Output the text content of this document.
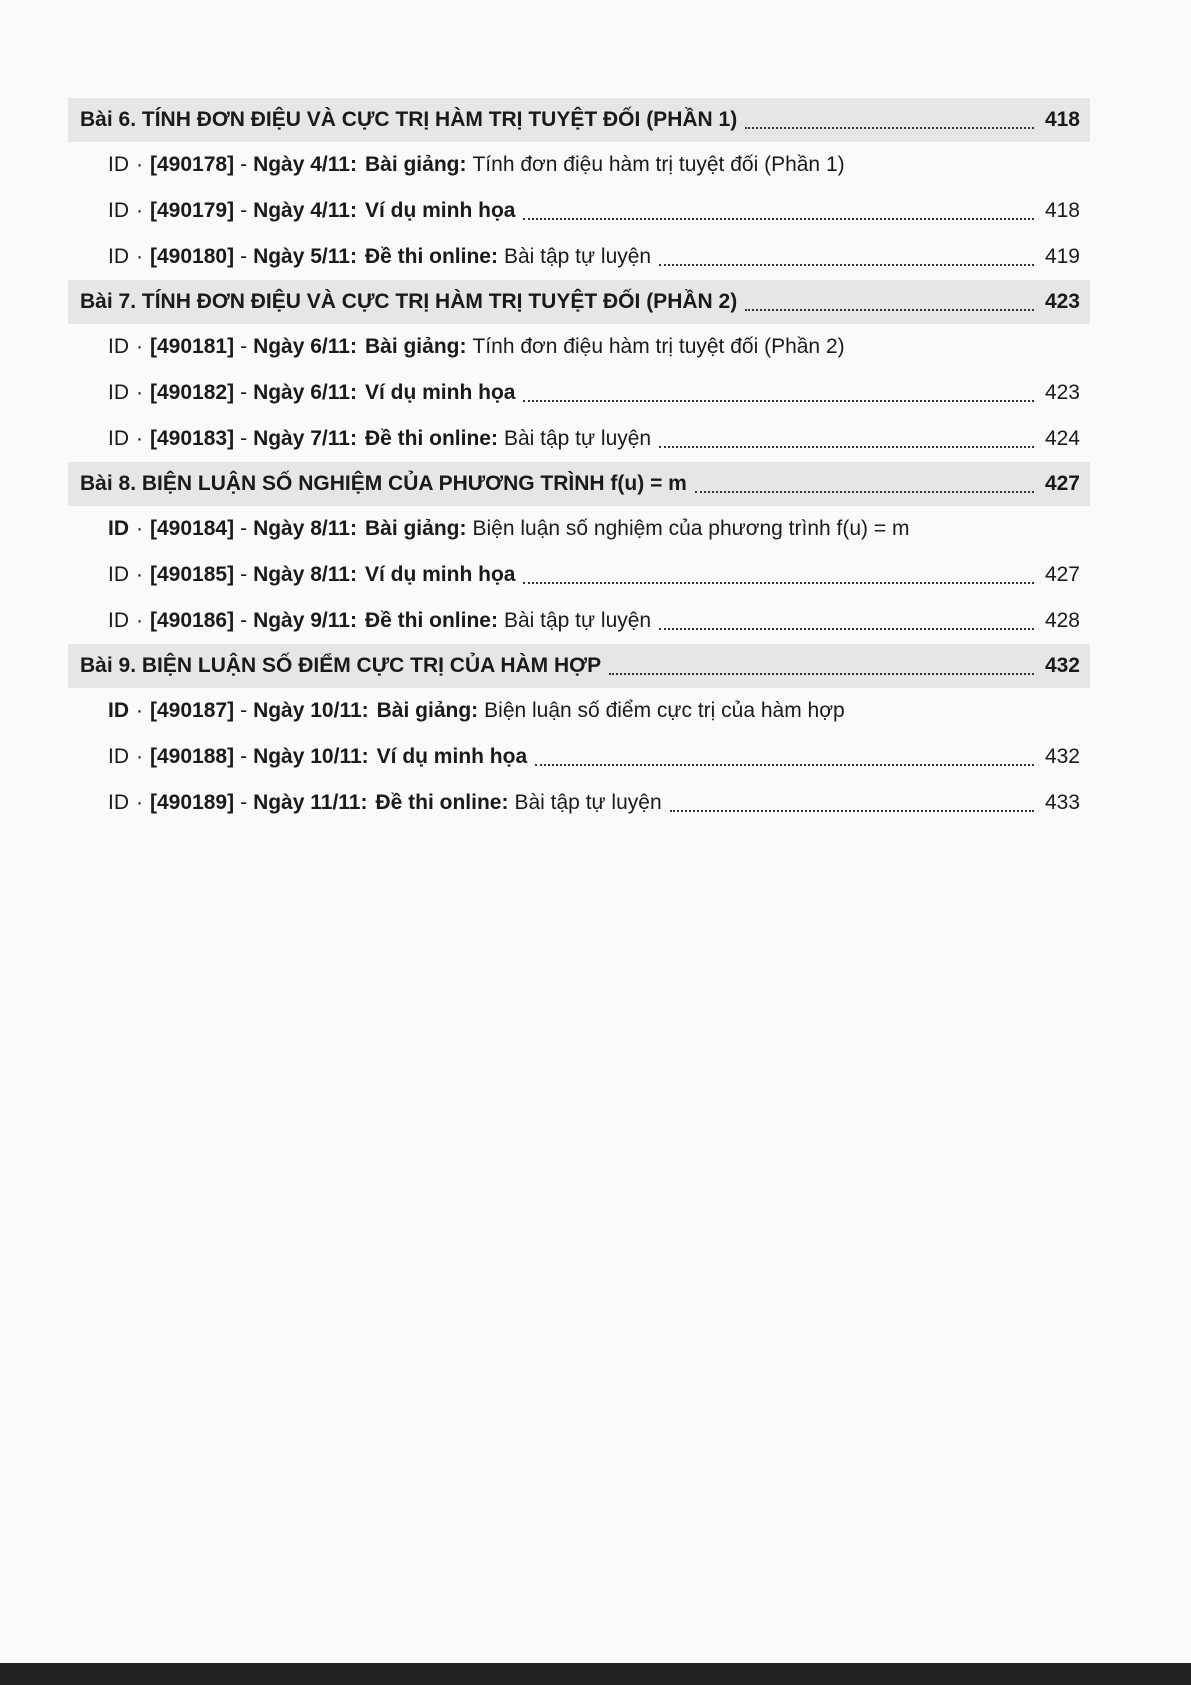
Bài 6. TÍNH ĐƠN ĐIỆU VÀ CỰC TRỊ HÀM TRỊ TUYỆT ĐỐI (PHẦN 1)	418
ID · [490178] - Ngày 4/11: Bài giảng: Tính đơn điệu hàm trị tuyệt đối (Phần 1)
ID · [490179] - Ngày 4/11: Ví dụ minh họa	418
ID · [490180] - Ngày 5/11: Đề thi online: Bài tập tự luyện	419
Bài 7. TÍNH ĐƠN ĐIỆU VÀ CỰC TRỊ HÀM TRỊ TUYỆT ĐỐI (PHẦN 2)	423
ID · [490181] - Ngày 6/11: Bài giảng: Tính đơn điệu hàm trị tuyệt đối (Phần 2)
ID · [490182] - Ngày 6/11: Ví dụ minh họa	423
ID · [490183] - Ngày 7/11: Đề thi online: Bài tập tự luyện	424
Bài 8. BIỆN LUẬN SỐ NGHIỆM CỦA PHƯƠNG TRÌNH f(u) = m	427
ID · [490184] - Ngày 8/11: Bài giảng: Biện luận số nghiệm của phương trình f(u) = m
ID · [490185] - Ngày 8/11: Ví dụ minh họa	427
ID · [490186] - Ngày 9/11: Đề thi online: Bài tập tự luyện	428
Bài 9. BIỆN LUẬN SỐ ĐIỂM CỰC TRỊ CỦA HÀM HỢP	432
ID · [490187] - Ngày 10/11: Bài giảng: Biện luận số điểm cực trị của hàm hợp
ID · [490188] - Ngày 10/11: Ví dụ minh họa	432
ID · [490189] - Ngày 11/11: Đề thi online: Bài tập tự luyện	433
